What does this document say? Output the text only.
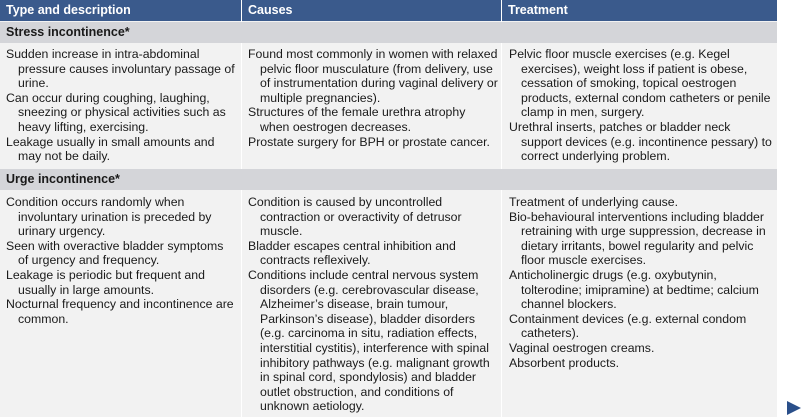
Type and description	Causes	Treatment
Stress incontinence*

Sudden increase in intra-abdominal pressure causes involuntary passage of urine.

Can occur during coughing, laughing, sneezing or physical activities such as heavy lifting, exercising.

Leakage usually in small amounts and may not be daily.

Found most commonly in women with relaxed pelvic floor musculature (from delivery, use of instrumentation during vaginal delivery or multiple pregnancies).

Structures of the female urethra atrophy when oestrogen decreases.

Prostate surgery for BPH or prostate cancer.

Pelvic floor muscle exercises (e.g. Kegel exercises), weight loss if patient is obese, cessation of smoking, topical oestrogen products, external condom catheters or penile clamp in men, surgery.

Urethral inserts, patches or bladder neck support devices (e.g. incontinence pessary) to correct underlying problem.

Urge incontinence*

Condition occurs randomly when involuntary urination is preceded by urinary urgency.

Seen with overactive bladder symptoms of urgency and frequency.

Leakage is periodic but frequent and usually in large amounts.

Nocturnal frequency and incontinence are common.

Condition is caused by uncontrolled contraction or overactivity of detrusor muscle.

Bladder escapes central inhibition and contracts reflexively.

Conditions include central nervous system disorders (e.g. cerebrovascular disease, Alzheimer’s disease, brain tumour, Parkinson’s disease), bladder disorders (e.g. carcinoma in situ, radiation effects, interstitial cystitis), interference with spinal inhibitory pathways (e.g. malignant growth in spinal cord, spondylosis) and bladder outlet obstruction, and conditions of unknown aetiology.

Treatment of underlying cause.

Bio-behavioural interventions including bladder retraining with urge suppression, decrease in dietary irritants, bowel regularity and pelvic floor muscle exercises.

Anticholinergic drugs (e.g. oxybutynin, tolterodine; imipramine) at bedtime; calcium channel blockers.

Containment devices (e.g. external condom catheters).

Vaginal oestrogen creams.

Absorbent products.
